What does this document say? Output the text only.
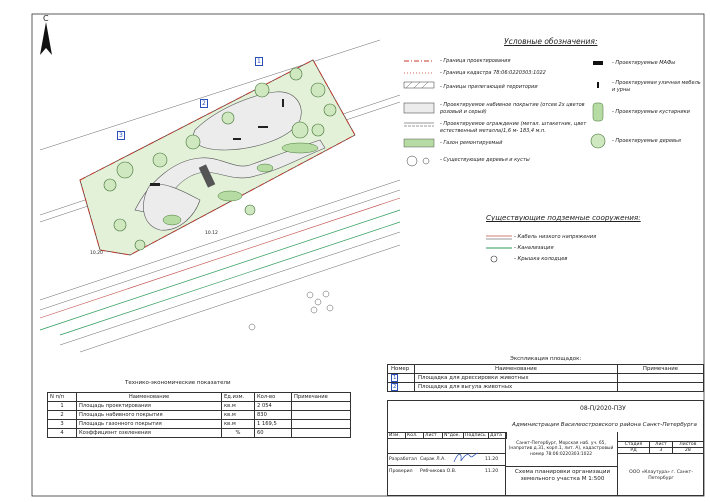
С
1
2
3
10.20
10.12
Условные обозначения:
- Граница проектирования
- Граница кадастра 78:06:0220303:1022
- Границы прилегающей территории
- Проектируемое набивное покрытие (отсев 2х цветов розовый и серый)
- Проектируемое ограждение (метал. штакетник, цвет естественный металла)1,6 м- 183,4 м.п.
- Газон ремонтируемый
- Существующие деревья и кусты
- Проектируемые МАФы
- Проектируемая уличная мебель и урны
- Проектируемые кустарники
- Проектируемые деревья
Существующие подземные сооружения:
- Кабель низкого напряжения
- Канализация
- Крышка колодцев
Технико-экономические показатели
N п/п	Наименование	Ед.изм.	Кол-во	Примечание
1	Площадь проектирования	кв.м	2 054	
2	Площадь набивного покрытия	кв.м	830	
3	Площадь газонного покрытия	кв.м	1 169,5	
4	Коэффициэнт озеленения	%	60	
Экспликация площадок:
Номер	Наименование	Примечание
1	Площадка для дрессировки животных	
2	Площадка для выгула животных	
08-П/2020-ПЗУ
Администрация Василеостровского района Санкт-Петербурга
Изм.	Кол.	Лист	N°док.	Подпись	Дата
Санкт-Петербург, Морская наб. уч. 65, (напротив д.31, корп.1, лит. А), кадастровый номер 78:06:0220303:1022
Разработал Сирак Л.А.	11.20
Проверил Рябчикова О.В.	11.20	Схема планировки организации земельного участка М 1:500
Стадия	Лист	Листов
РД	3	28
ООО «Клаутура» г. Санкт-Петербург
